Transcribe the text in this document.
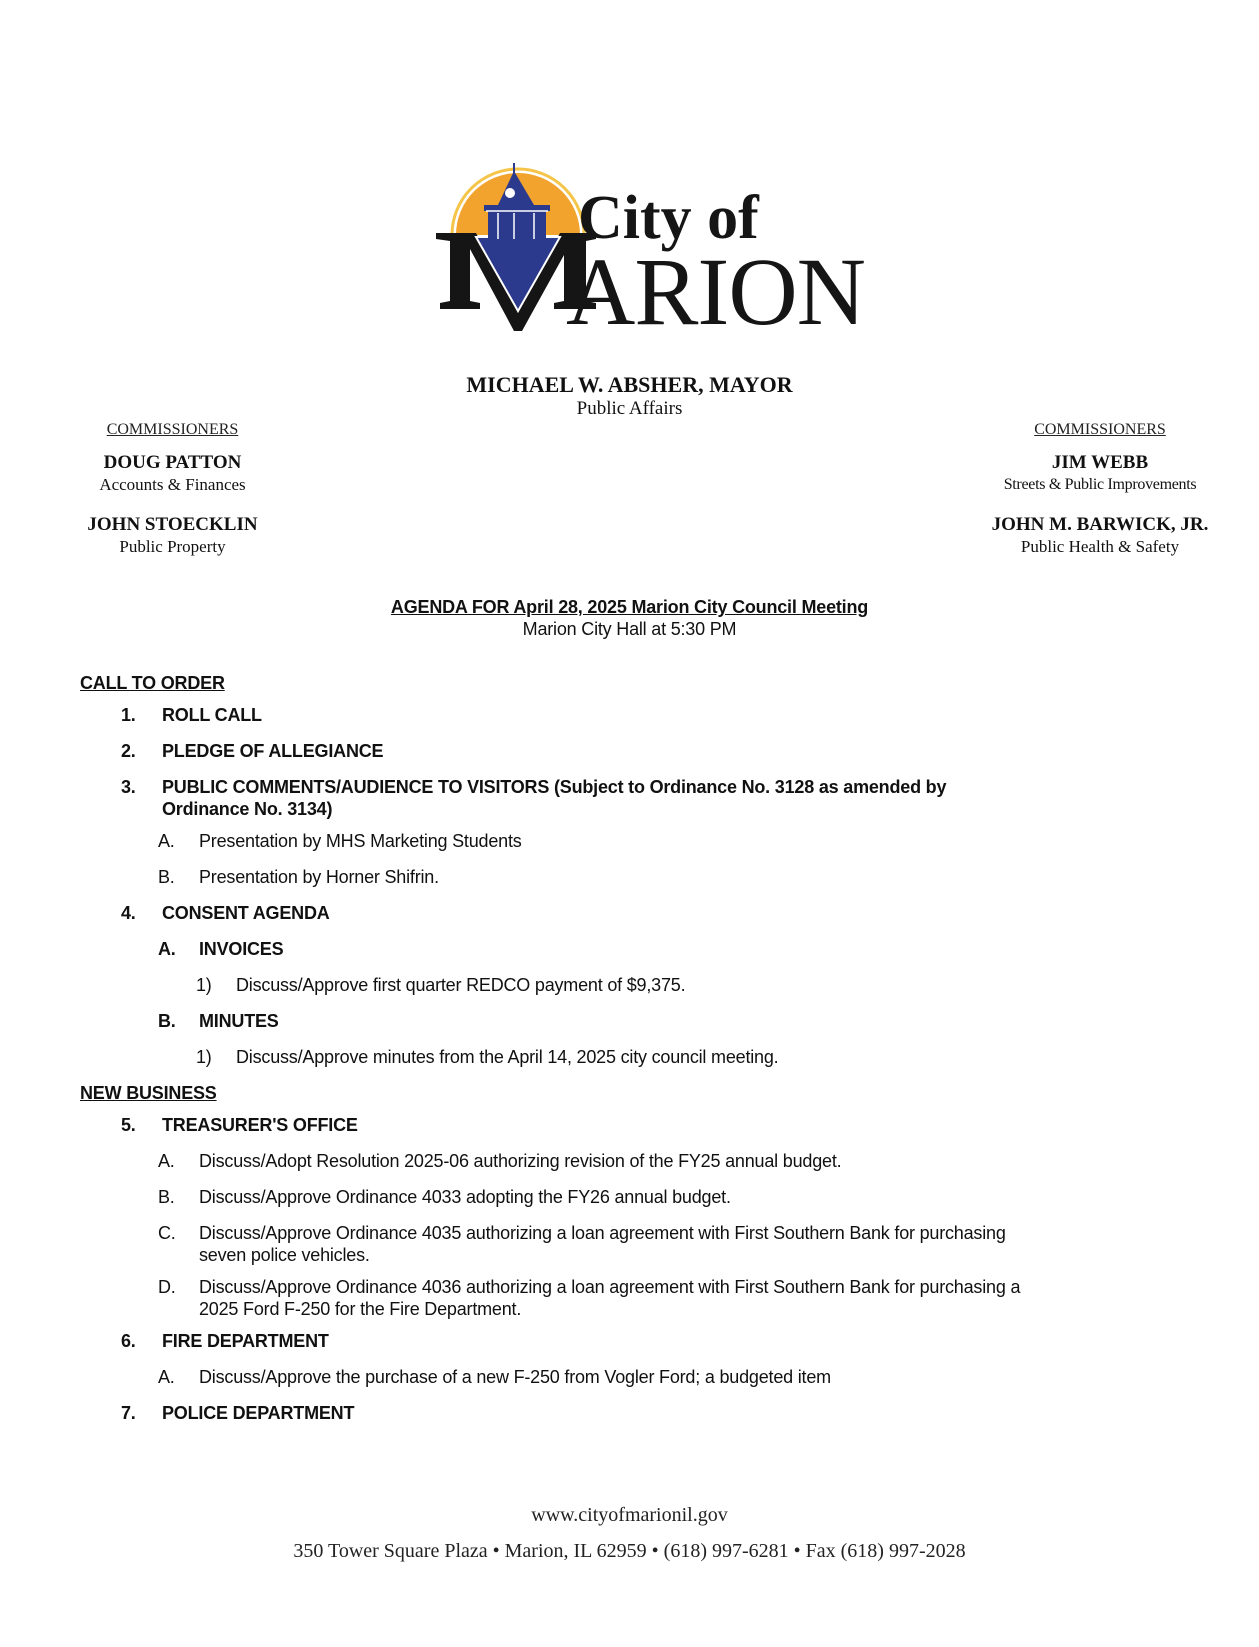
City of
ARION
MICHAEL W. ABSHER, MAYOR
Public Affairs
COMMISSIONERS
DOUG PATTON
Accounts & Finances
JOHN STOECKLIN
Public Property
COMMISSIONERS
JIM WEBB
Streets & Public Improvements
JOHN M. BARWICK, JR.
Public Health & Safety
AGENDA FOR April 28, 2025 Marion City Council Meeting
Marion City Hall at 5:30 PM
CALL TO ORDER
1. ROLL CALL
2. PLEDGE OF ALLEGIANCE
3. PUBLIC COMMENTS/AUDIENCE TO VISITORS (Subject to Ordinance No. 3128 as amended by
Ordinance No. 3134)
A. Presentation by MHS Marketing Students
B. Presentation by Horner Shifrin.
4. CONSENT AGENDA
A. INVOICES
1) Discuss/Approve first quarter REDCO payment of $9,375.
B. MINUTES
1) Discuss/Approve minutes from the April 14, 2025 city council meeting.
NEW BUSINESS
5. TREASURER'S OFFICE
A. Discuss/Adopt Resolution 2025-06 authorizing revision of the FY25 annual budget.
B. Discuss/Approve Ordinance 4033 adopting the FY26 annual budget.
C. Discuss/Approve Ordinance 4035 authorizing a loan agreement with First Southern Bank for purchasing
seven police vehicles.
D. Discuss/Approve Ordinance 4036 authorizing a loan agreement with First Southern Bank for purchasing a
2025 Ford F-250 for the Fire Department.
6. FIRE DEPARTMENT
A. Discuss/Approve the purchase of a new F-250 from Vogler Ford; a budgeted item
7. POLICE DEPARTMENT
www.cityofmarionil.gov
350 Tower Square Plaza • Marion, IL 62959 • (618) 997-6281 • Fax (618) 997-2028
